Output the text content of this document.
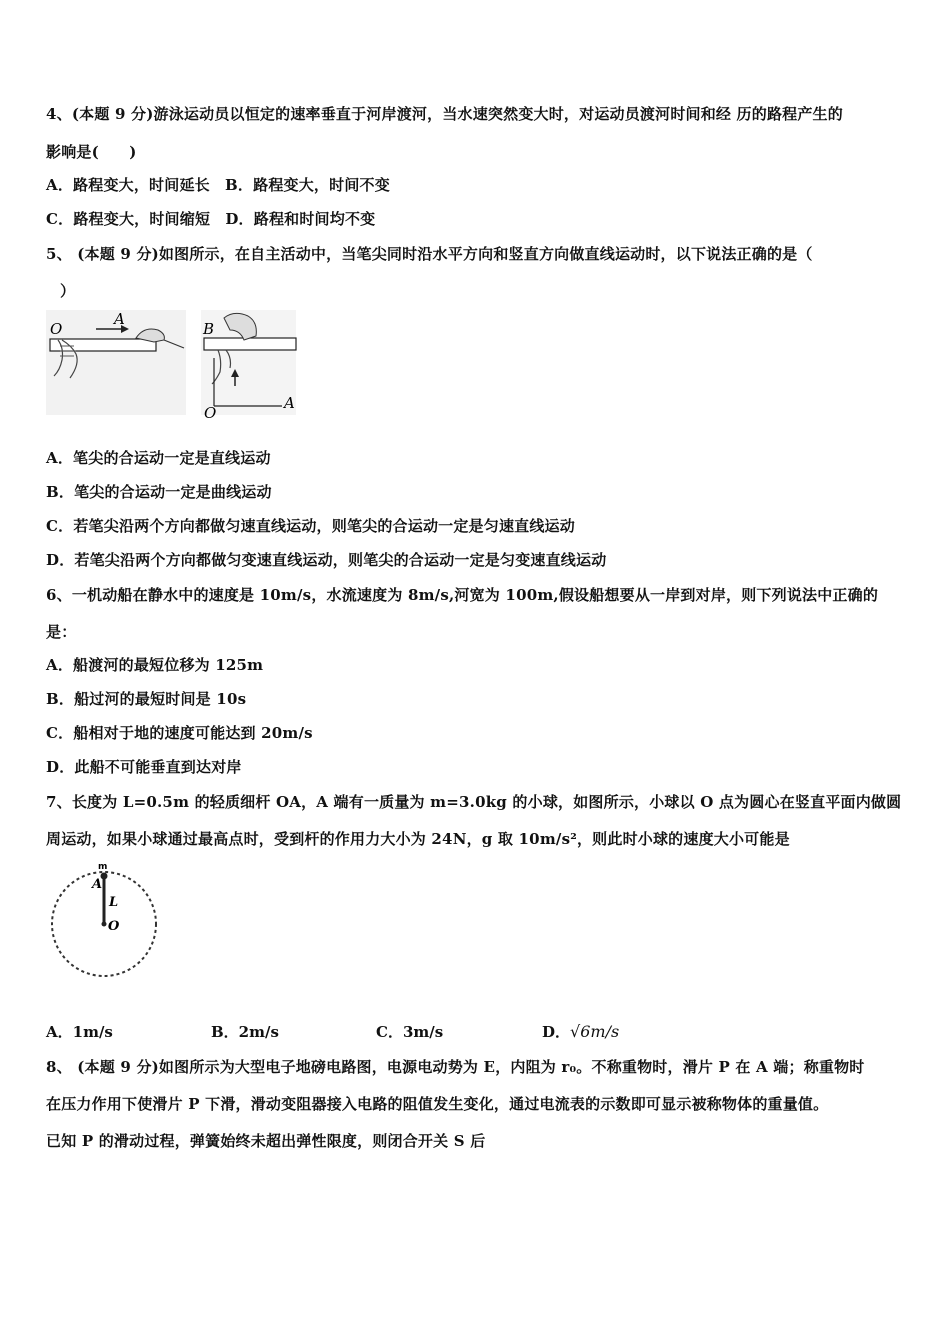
4、(本题 9 分)游泳运动员以恒定的速率垂直于河岸渡河，当水速突然变大时，对运动员渡河时间和经 历的路程产生的
影响是(　　)
A．路程变大，时间延长　B．路程变大，时间不变
C．路程变大，时间缩短　D．路程和时间均不变
5、 (本题 9 分)如图所示，在自主活动中，当笔尖同时沿水平方向和竖直方向做直线运动时，以下说法正确的是（
）
O
A
B
O
A
A．笔尖的合运动一定是直线运动
B．笔尖的合运动一定是曲线运动
C．若笔尖沿两个方向都做匀速直线运动，则笔尖的合运动一定是匀速直线运动
D．若笔尖沿两个方向都做匀变速直线运动，则笔尖的合运动一定是匀变速直线运动
6、一机动船在静水中的速度是 10m/s，水流速度为 8m/s,河宽为 100m,假设船想要从一岸到对岸，则下列说法中正确的
是：
A．船渡河的最短位移为 125m
B．船过河的最短时间是 10s
C．船相对于地的速度可能达到 20m/s
D．此船不可能垂直到达对岸
7、长度为 L=0.5m 的轻质细杆 OA，A 端有一质量为 m=3.0kg 的小球，如图所示，小球以 O 点为圆心在竖直平面内做圆
周运动，如果小球通过最高点时，受到杆的作用力大小为 24N，g 取 10m/s²，则此时小球的速度大小可能是
m
A
L
O
A．1m/s	B．2m/s	C．3m/s	D．√6m/s
8、 (本题 9 分)如图所示为大型电子地磅电路图，电源电动势为 E，内阻为 r₀。不称重物时，滑片 P 在 A 端；称重物时
在压力作用下使滑片 P 下滑，滑动变阻器接入电路的阻值发生变化，通过电流表的示数即可显示被称物体的重量值。
已知 P 的滑动过程，弹簧始终未超出弹性限度，则闭合开关 S 后
